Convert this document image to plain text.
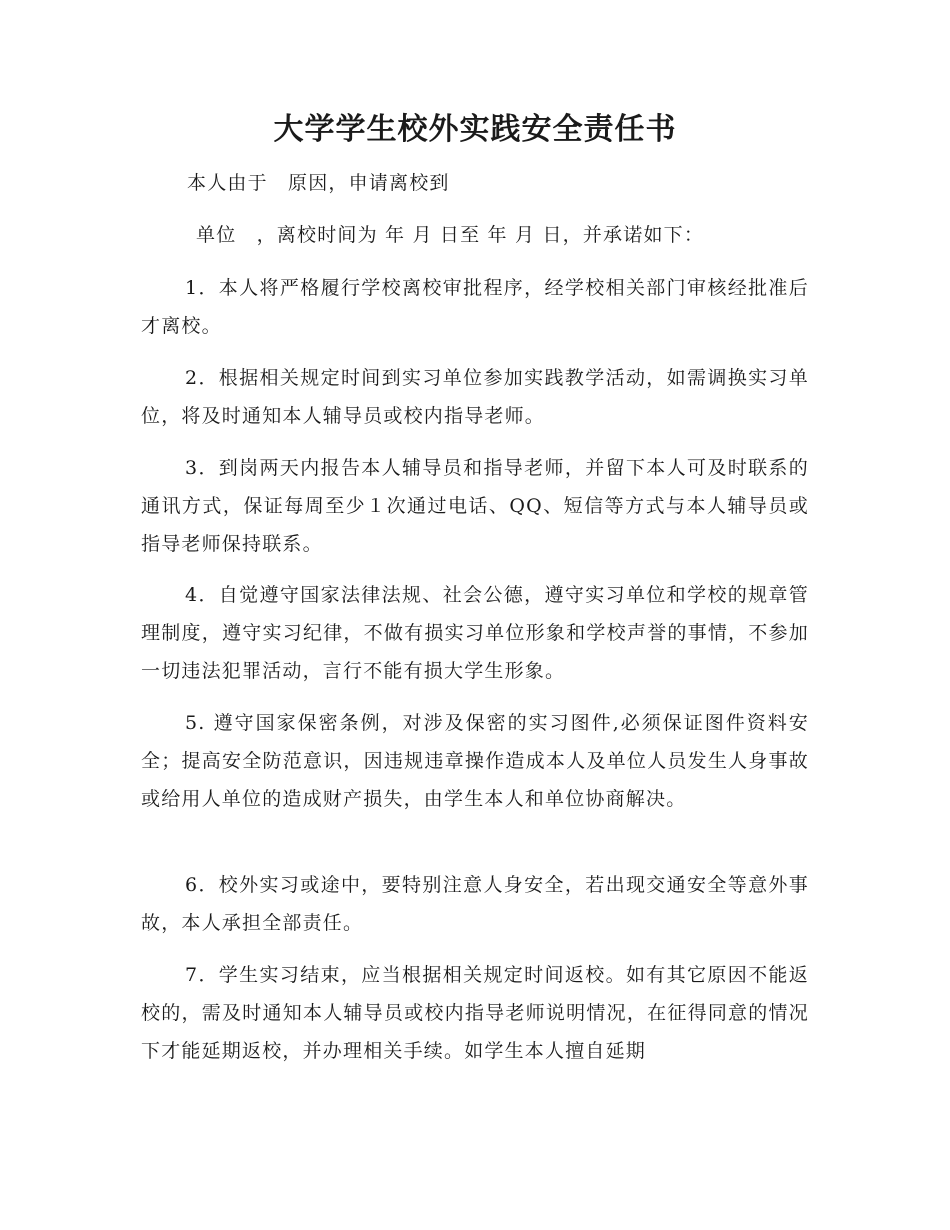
大学学生校外实践安全责任书
本人由于　原因，申请离校到
单位　，离校时间为 年 月 日至 年 月 日，并承诺如下：

1．本人将严格履行学校离校审批程序，经学校相关部门审核经批准后才离校。

2．根据相关规定时间到实习单位参加实践教学活动，如需调换实习单位，将及时通知本人辅导员或校内指导老师。

3．到岗两天内报告本人辅导员和指导老师，并留下本人可及时联系的通讯方式，保证每周至少１次通过电话、QQ、短信等方式与本人辅导员或指导老师保持联系。

4．自觉遵守国家法律法规、社会公德，遵守实习单位和学校的规章管理制度，遵守实习纪律，不做有损实习单位形象和学校声誉的事情，不参加一切违法犯罪活动，言行不能有损大学生形象。

5. 遵守国家保密条例，对涉及保密的实习图件,必须保证图件资料安全；提高安全防范意识，因违规违章操作造成本人及单位人员发生人身事故或给用人单位的造成财产损失，由学生本人和单位协商解决。

6．校外实习或途中，要特别注意人身安全，若出现交通安全等意外事故，本人承担全部责任。

7．学生实习结束，应当根据相关规定时间返校。如有其它原因不能返校的，需及时通知本人辅导员或校内指导老师说明情况，在征得同意的情况下才能延期返校，并办理相关手续。如学生本人擅自延期
